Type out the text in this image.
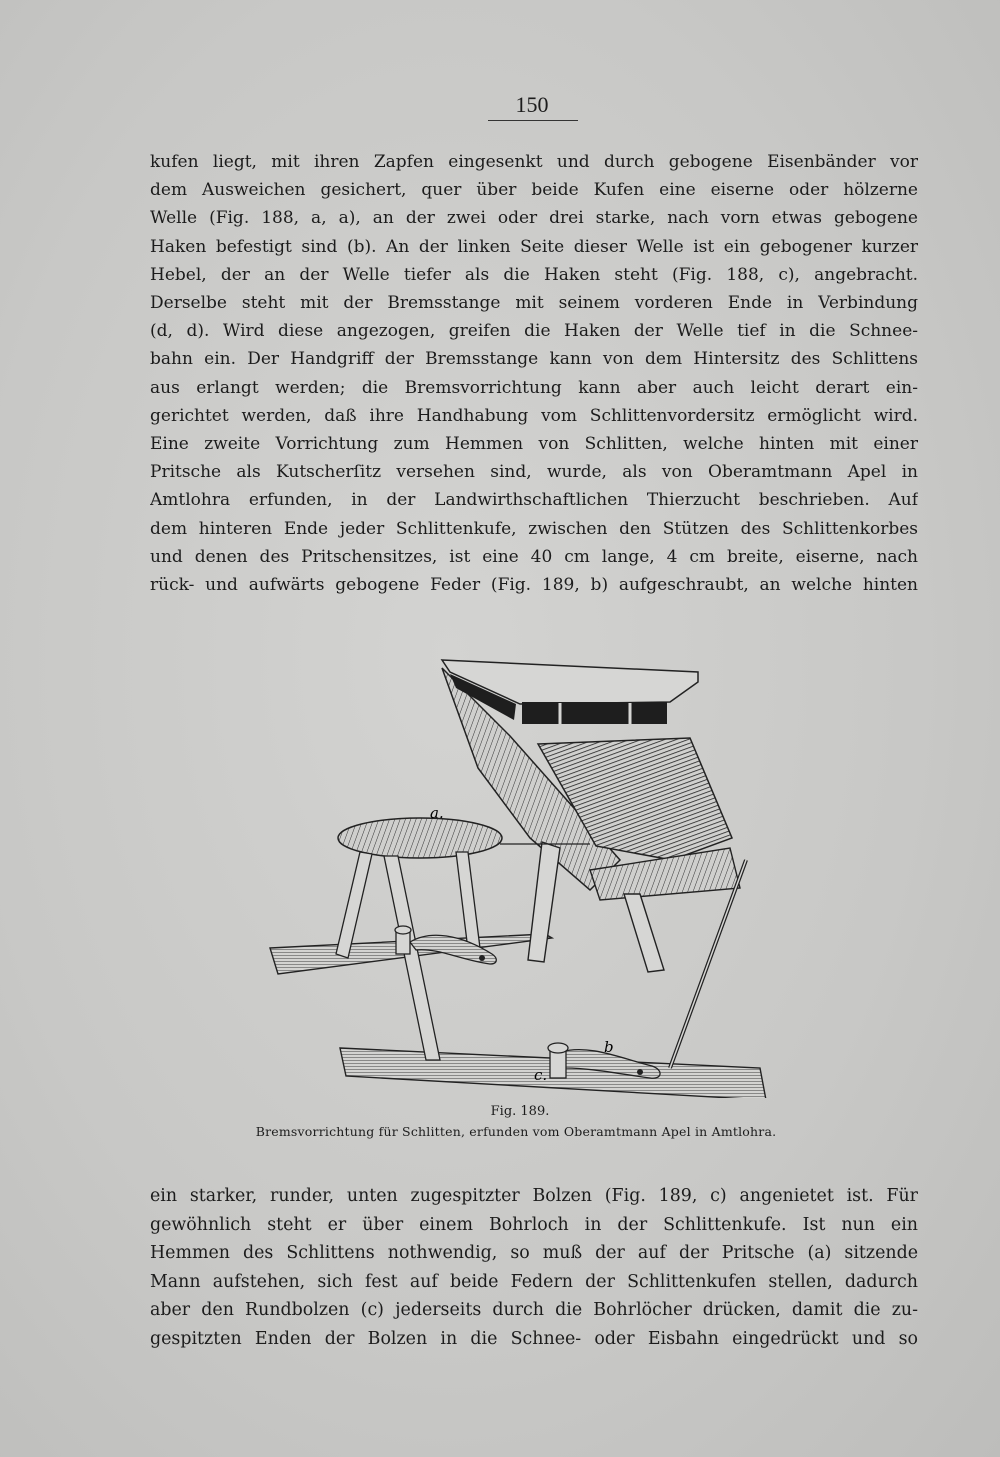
150
kufen liegt, mit ihren Zapfen eingesenkt und durch gebogene Eisenbänder vor
dem Ausweichen gesichert, quer über beide Kufen eine eiserne oder hölzerne
Welle (Fig. 188, a, a), an der zwei oder drei starke, nach vorn etwas gebogene
Haken befestigt sind (b). An der linken Seite dieser Welle ist ein gebogener kurzer
Hebel, der an der Welle tiefer als die Haken steht (Fig. 188, c), angebracht.
Derselbe steht mit der Bremsstange mit seinem vorderen Ende in Verbindung
(d, d). Wird diese angezogen, greifen die Haken der Welle tief in die Schnee-
bahn ein. Der Handgriff der Bremsstange kann von dem Hintersitz des Schlittens
aus erlangt werden; die Bremsvorrichtung kann aber auch leicht derart ein-
gerichtet werden, daß ihre Handhabung vom Schlittenvordersitz ermöglicht wird.
Eine zweite Vorrichtung zum Hemmen von Schlitten, welche hinten mit einer
Pritsche als Kutscherſitz versehen sind, wurde, als von Oberamtmann Apel in
Amtlohra erfunden, in der Landwirthschaftlichen Thierzucht beschrieben. Auf
dem hinteren Ende jeder Schlittenkufe, zwischen den Stützen des Schlittenkorbes
und denen des Pritschensitzes, ist eine 40 cm lange, 4 cm breite, eiserne, nach
rück- und aufwärts gebogene Feder (Fig. 189, b) aufgeschraubt, an welche hinten
a.
b
c.
Fig. 189.
Bremsvorrichtung für Schlitten, erfunden vom Oberamtmann Apel in Amtlohra.
ein starker, runder, unten zugespitzter Bolzen (Fig. 189, c) angenietet ist. Für
gewöhnlich steht er über einem Bohrloch in der Schlittenkufe. Ist nun ein
Hemmen des Schlittens nothwendig, so muß der auf der Pritsche (a) sitzende
Mann aufstehen, sich fest auf beide Federn der Schlittenkufen stellen, dadurch
aber den Rundbolzen (c) jederseits durch die Bohrlöcher drücken, damit die zu-
gespitzten Enden der Bolzen in die Schnee- oder Eisbahn eingedrückt und so
